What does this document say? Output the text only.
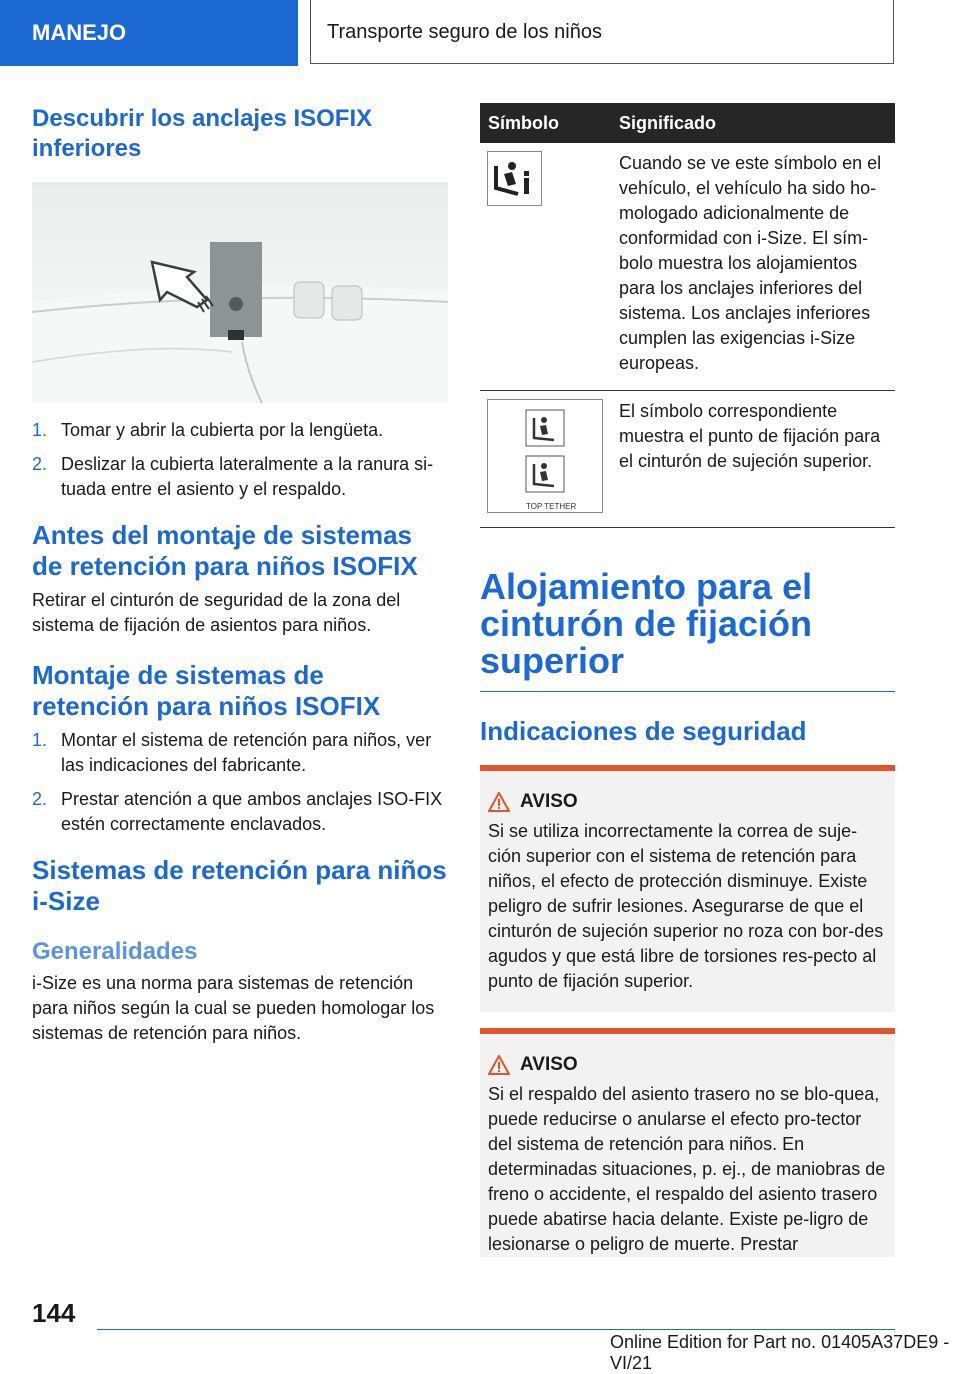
MANEJO	Transporte seguro de los niños
Descubrir los anclajes ISOFIX inferiores
1. Tomar y abrir la cubierta por la lengüeta.
2. Deslizar la cubierta lateralmente a la ranura si-tuada entre el asiento y el respaldo.
Antes del montaje de sistemas de retención para niños ISOFIX

Retirar el cinturón de seguridad de la zona del sistema de fijación de asientos para niños.

Montaje de sistemas de retención para niños ISOFIX
1. Montar el sistema de retención para niños, ver las indicaciones del fabricante.
2. Prestar atención a que ambos anclajes ISO-FIX estén correctamente enclavados.
Sistemas de retención para niños i-Size
Generalidades

i-Size es una norma para sistemas de retención para niños según la cual se pueden homologar los sistemas de retención para niños.

Símbolo	Significado

	Cuando se ve este símbolo en el vehículo, el vehículo ha sido ho-mologado adicionalmente de conformidad con i-Size. El sím-bolo muestra los alojamientos para los anclajes inferiores del sistema. Los anclajes inferiores cumplen las exigencias i-Size europeas.

TOP TETHER	El símbolo correspondiente muestra el punto de fijación para el cinturón de sujeción superior.
Alojamiento para el cinturón de fijación superior
Indicaciones de seguridad

AVISO

Si se utiliza incorrectamente la correa de suje-ción superior con el sistema de retención para niños, el efecto de protección disminuye. Existe peligro de sufrir lesiones. Asegurarse de que el cinturón de sujeción superior no roza con bor-des agudos y que está libre de torsiones res-pecto al punto de fijación superior.

AVISO

Si el respaldo del asiento trasero no se blo-quea, puede reducirse o anularse el efecto pro-tector del sistema de retención para niños. En determinadas situaciones, p. ej., de maniobras de freno o accidente, el respaldo del asiento trasero puede abatirse hacia delante. Existe pe-ligro de lesionarse o peligro de muerte. Prestar

144
Online Edition for Part no. 01405A37DE9 - VI/21
